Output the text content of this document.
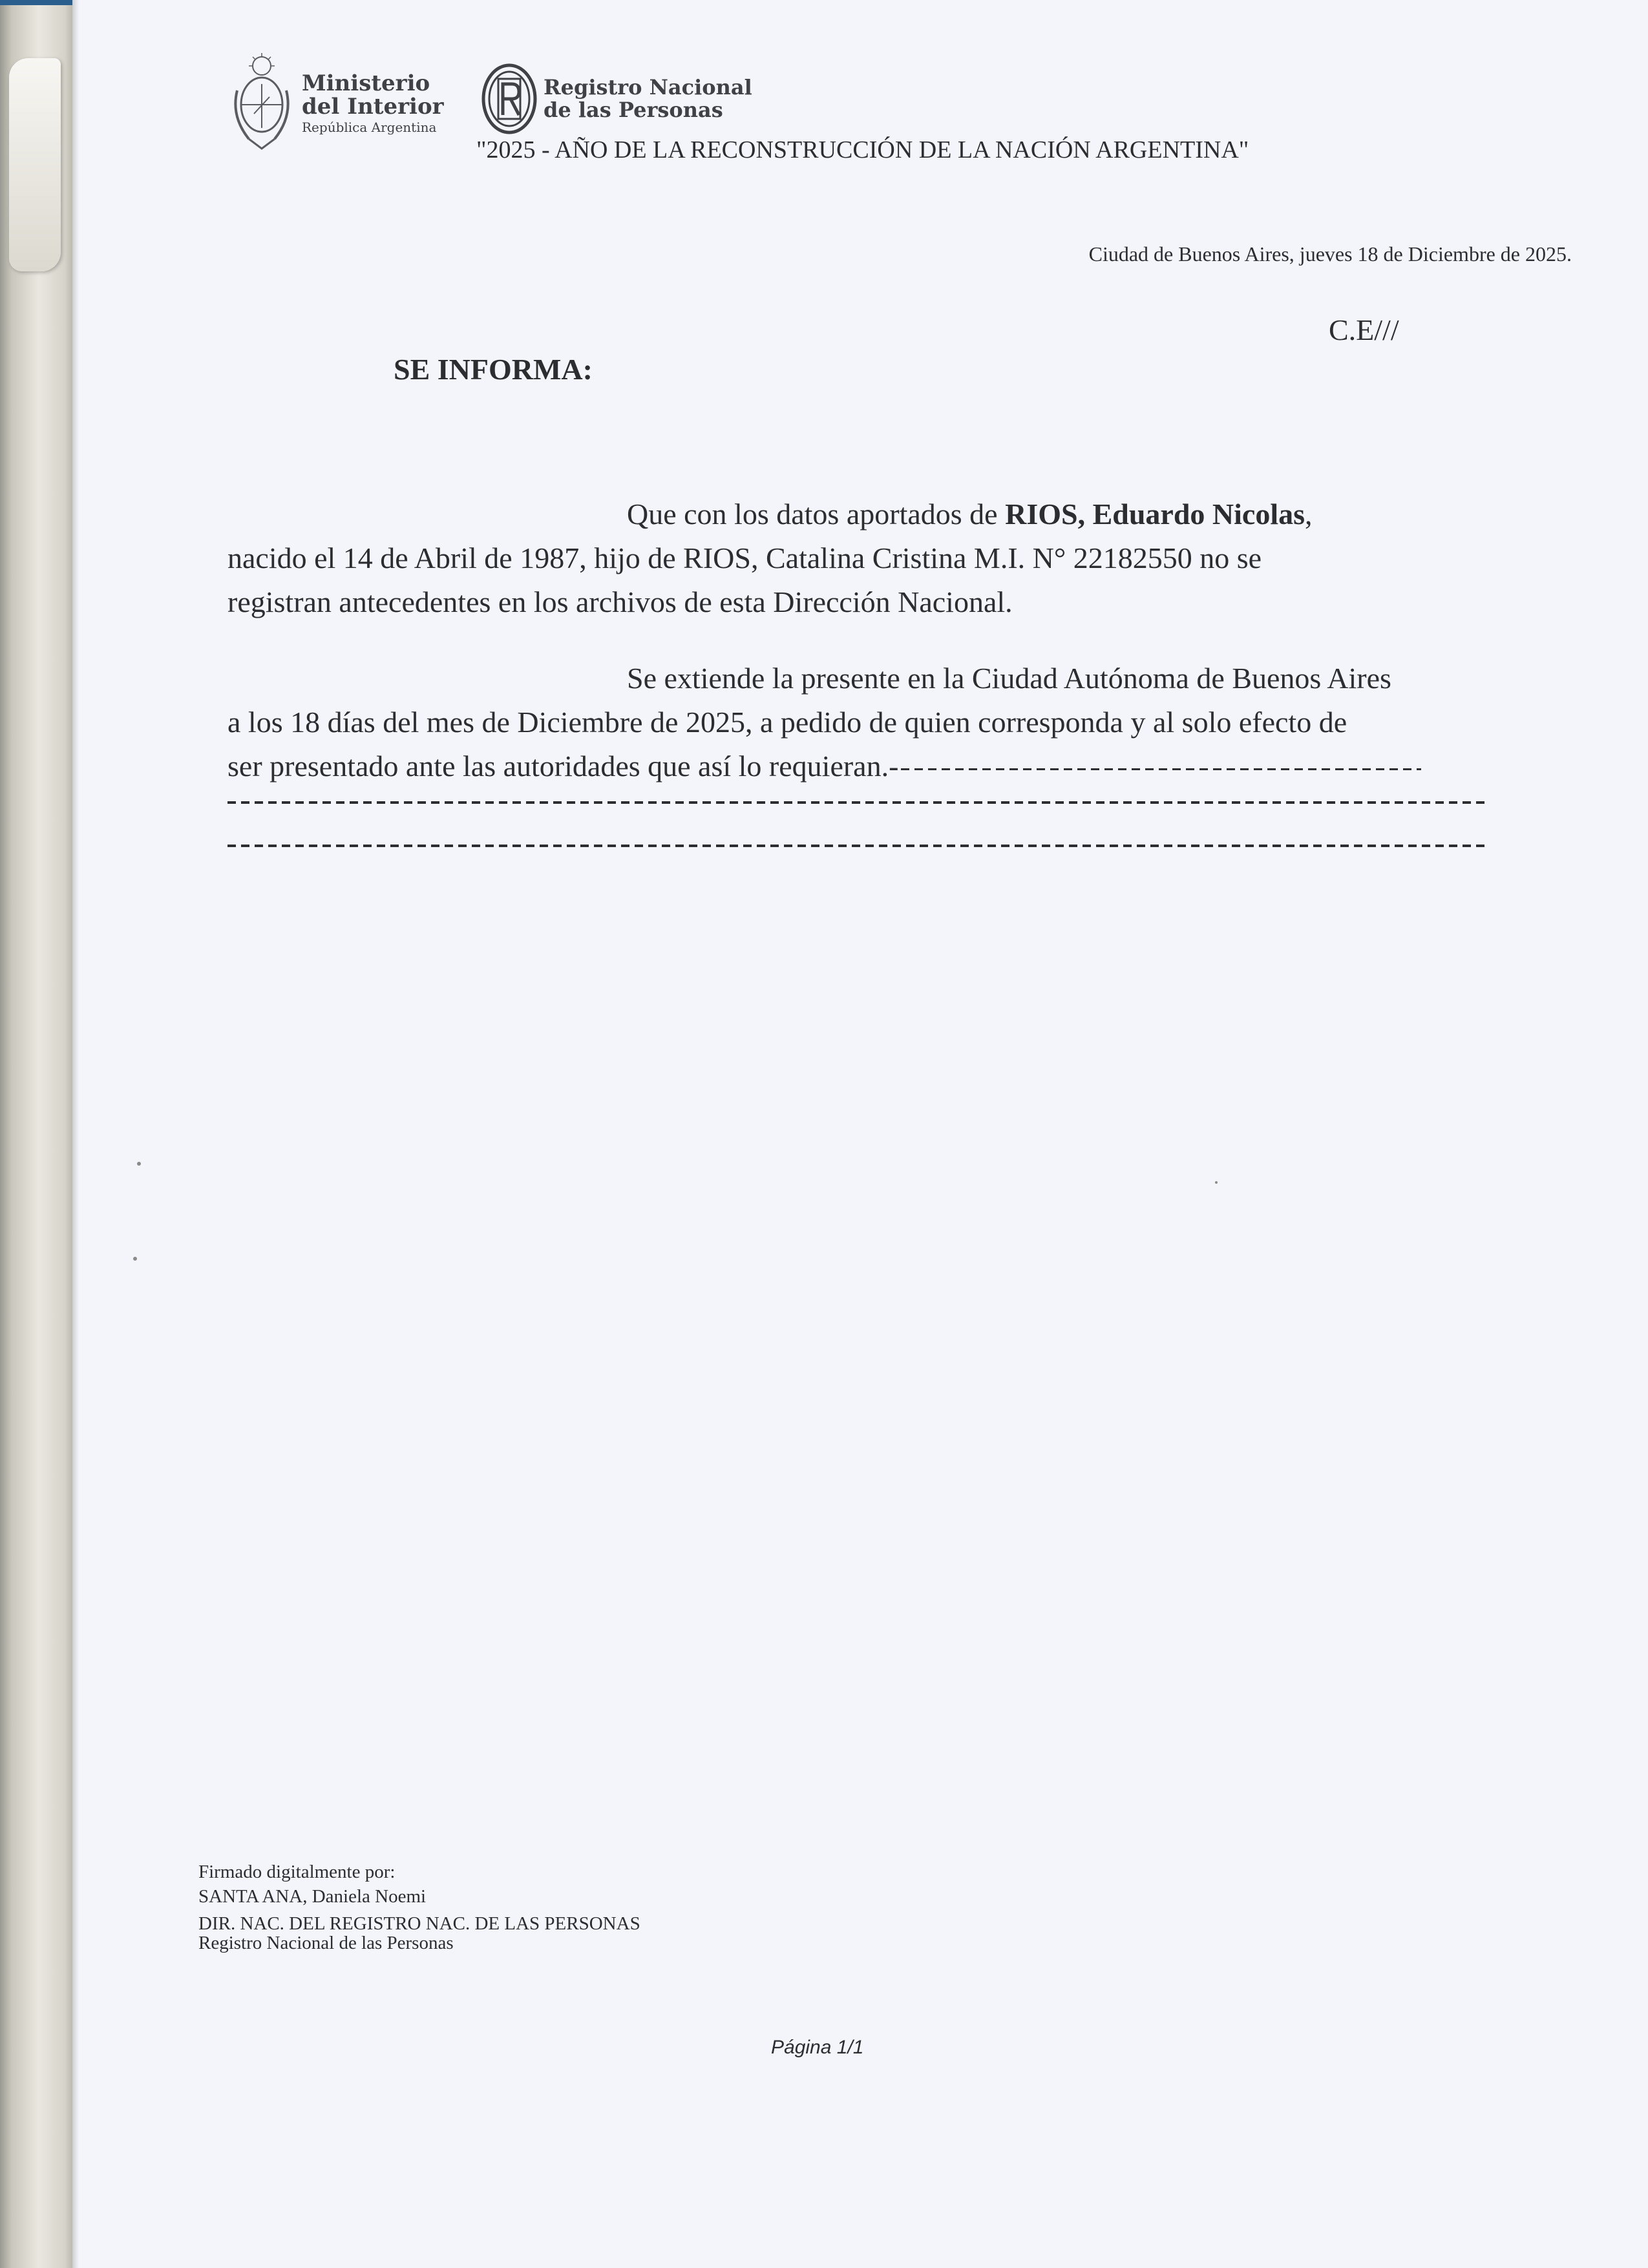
Ministerio
del Interior
República Argentina
Registro Nacional
de las Personas
"2025 - AÑO DE LA RECONSTRUCCIÓN DE LA NACIÓN ARGENTINA"
Ciudad de Buenos Aires, jueves 18 de Diciembre de 2025.
C.E///
SE INFORMA:
Que con los datos aportados de RIOS, Eduardo Nicolas,
nacido el 14 de Abril de 1987, hijo de RIOS, Catalina Cristina M.I. N° 22182550 no se
registran antecedentes en los archivos de esta Dirección Nacional.
Se extiende la presente en la Ciudad Autónoma de Buenos Aires
a los 18 días del mes de Diciembre de 2025, a pedido de quien corresponda y al solo efecto de
ser presentado ante las autoridades que así lo requieran.-
Firmado digitalmente por:
SANTA ANA, Daniela Noemi
DIR. NAC. DEL REGISTRO NAC. DE LAS PERSONAS
Registro Nacional de las Personas
Página 1/1
